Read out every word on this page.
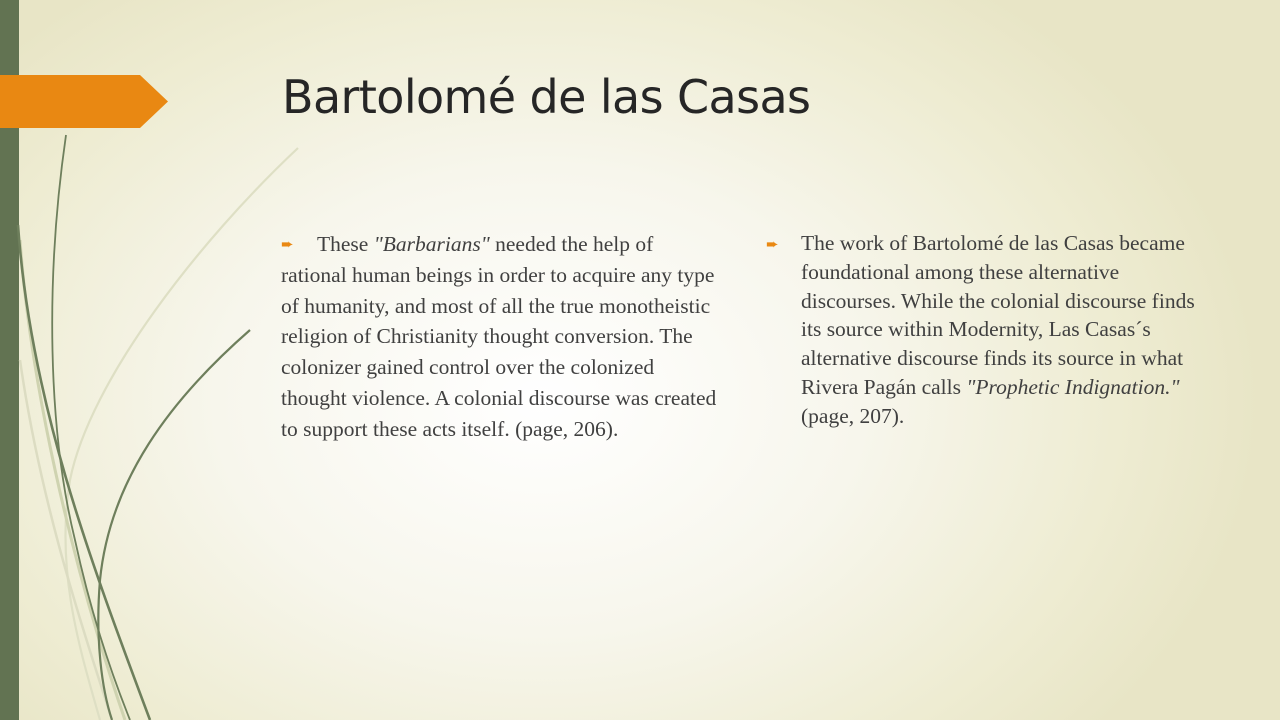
Bartolomé de las Casas
➨ These "Barbarians" needed the help of rational human beings in order to acquire any type of humanity, and most of all the true monotheistic religion of Christianity thought conversion. The colonizer gained control over the colonized thought violence. A colonial discourse was created to support these acts itself. (page, 206).
➨	The work of Bartolomé de las Casas became foundational among these alternative discourses. While the colonial discourse finds its source within Modernity, Las Casas´s alternative discourse finds its source in what Rivera Pagán calls "Prophetic Indignation." (page, 207).
